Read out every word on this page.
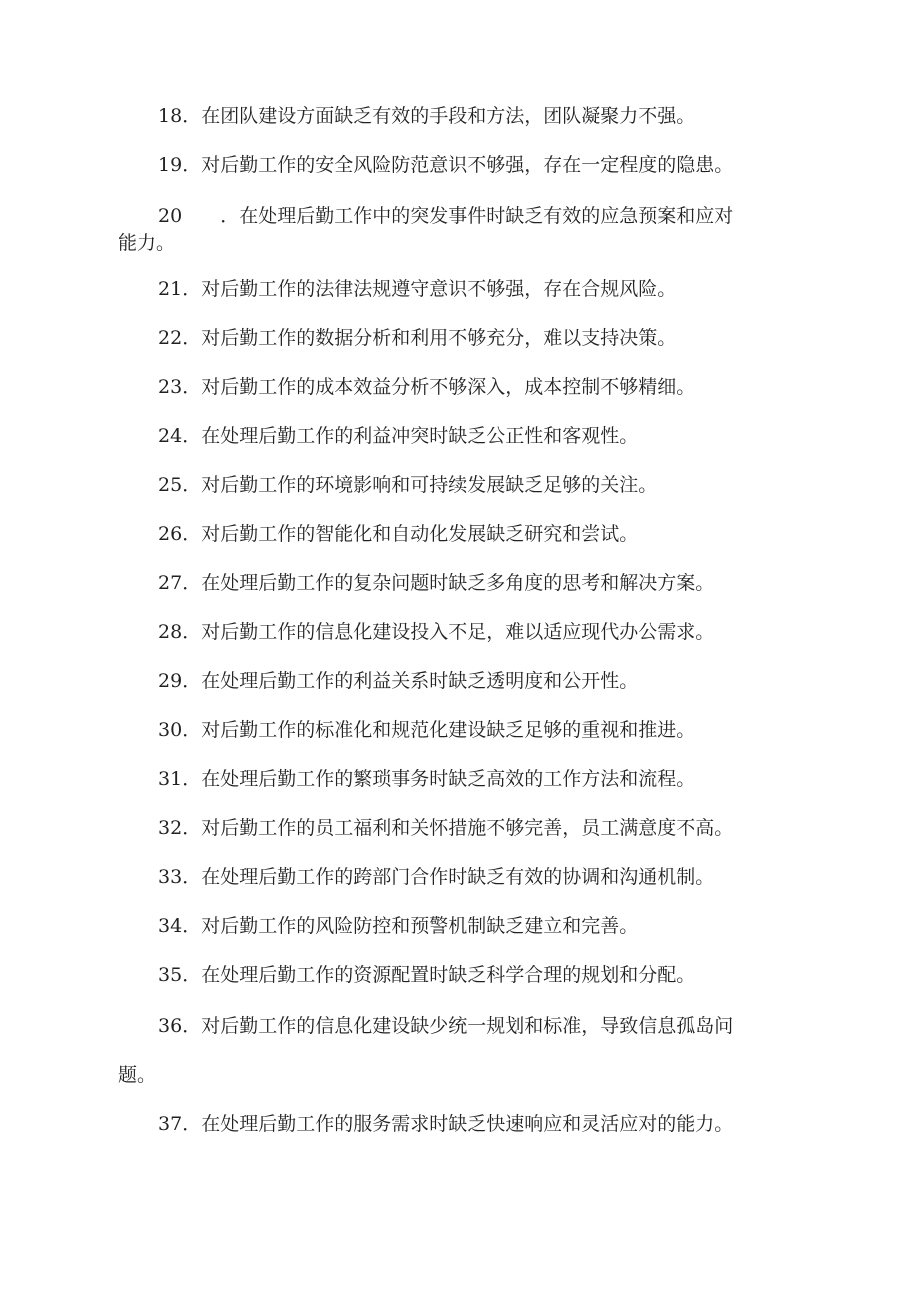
18．在团队建设方面缺乏有效的手段和方法，团队凝聚力不强。
19．对后勤工作的安全风险防范意识不够强，存在一定程度的隐患。
20 ．在处理后勤工作中的突发事件时缺乏有效的应急预案和应对
能力。
21．对后勤工作的法律法规遵守意识不够强，存在合规风险。
22．对后勤工作的数据分析和利用不够充分，难以支持决策。
23．对后勤工作的成本效益分析不够深入，成本控制不够精细。
24．在处理后勤工作的利益冲突时缺乏公正性和客观性。
25．对后勤工作的环境影响和可持续发展缺乏足够的关注。
26．对后勤工作的智能化和自动化发展缺乏研究和尝试。
27．在处理后勤工作的复杂问题时缺乏多角度的思考和解决方案。
28．对后勤工作的信息化建设投入不足，难以适应现代办公需求。
29．在处理后勤工作的利益关系时缺乏透明度和公开性。
30．对后勤工作的标准化和规范化建设缺乏足够的重视和推进。
31．在处理后勤工作的繁琐事务时缺乏高效的工作方法和流程。
32．对后勤工作的员工福利和关怀措施不够完善，员工满意度不高。
33．在处理后勤工作的跨部门合作时缺乏有效的协调和沟通机制。
34．对后勤工作的风险防控和预警机制缺乏建立和完善。
35．在处理后勤工作的资源配置时缺乏科学合理的规划和分配。
36．对后勤工作的信息化建设缺少统一规划和标准，导致信息孤岛问
题。
37．在处理后勤工作的服务需求时缺乏快速响应和灵活应对的能力。
